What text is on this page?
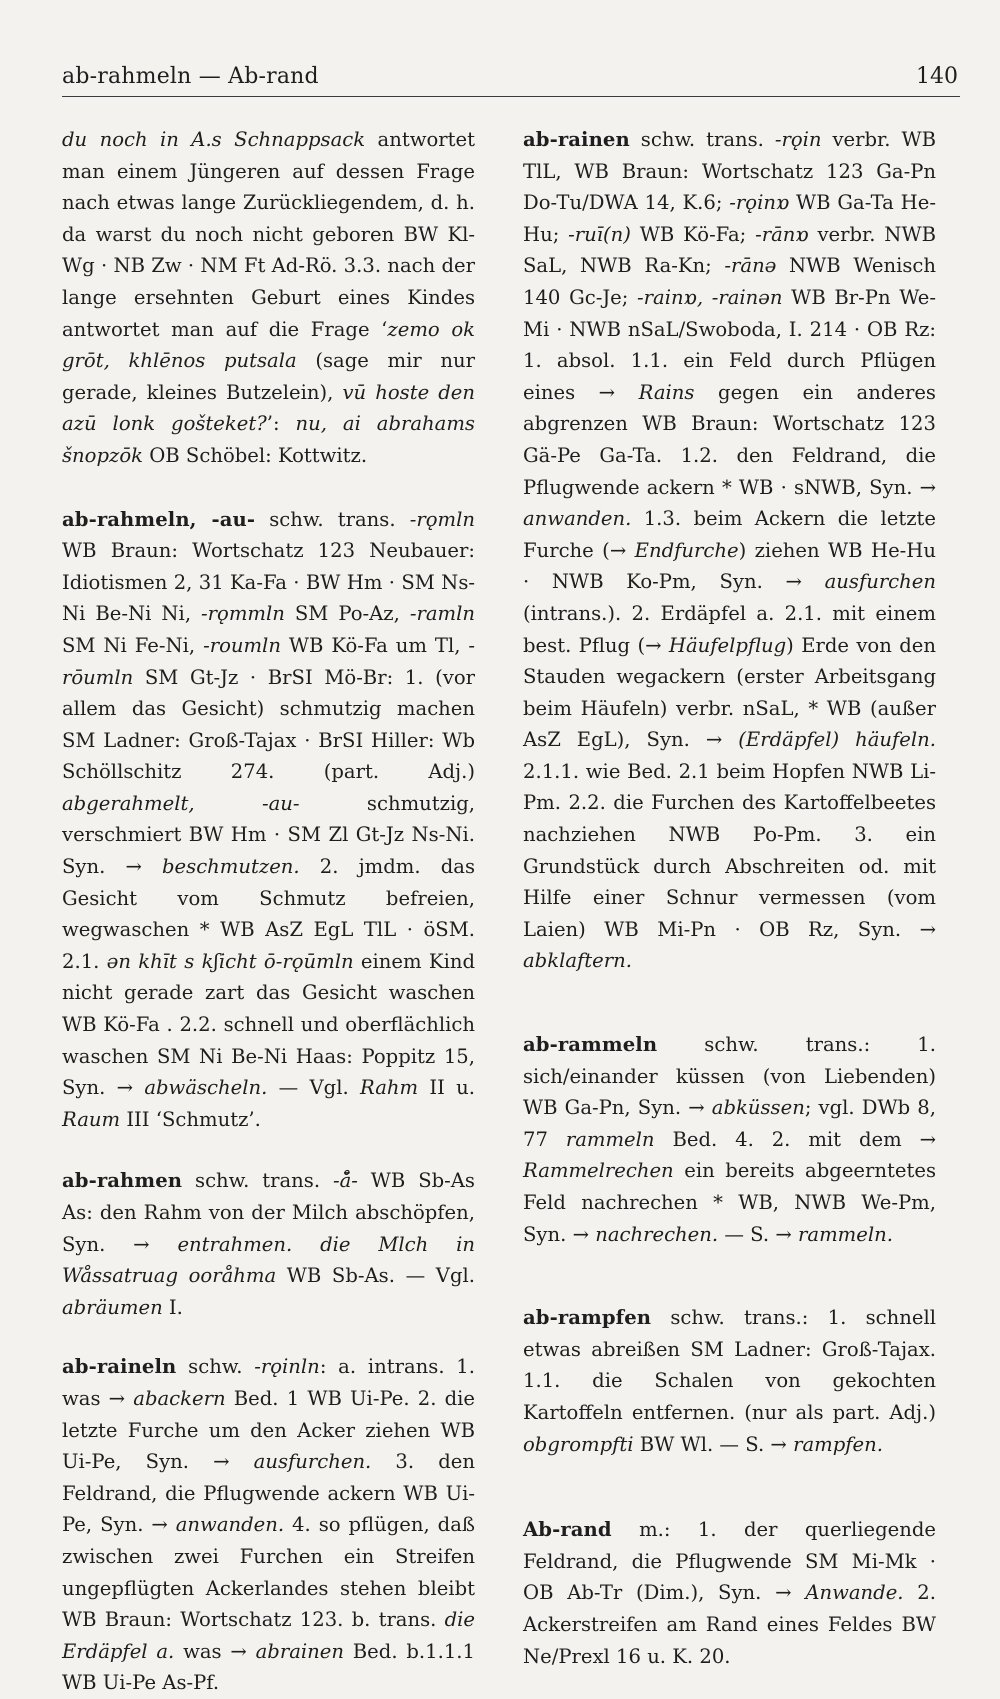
ab-rahmeln — Ab-rand	140

du noch in A.s Schnappsack antwortet man einem Jüngeren auf dessen Frage nach etwas lange Zurückliegendem, d. h. da warst du noch nicht geboren BW Kl-Wg · NB Zw · NM Ft Ad-Rö. 3.3. nach der lange ersehnten Geburt eines Kindes antwortet man auf die Frage ‘zemo ok grōt, khlēnos putsala (sage mir nur gerade, kleines Butzelein), vū hoste den azū lonk gošteket?’: nu, ai abrahams šnopzōk OB Schöbel: Kottwitz.

ab-rahmeln, -au- schw. trans. -rǫmln WB Braun: Wortschatz 123 Neubauer: Idiotismen 2, 31 Ka-Fa · BW Hm · SM Ns-Ni Be-Ni Ni, -rǫmmln SM Po-Az, -ramln SM Ni Fe-Ni, -roumln WB Kö-Fa um Tl, -rōumln SM Gt-Jz · BrSI Mö-Br: 1. (vor allem das Gesicht) schmutzig machen SM Ladner: Groß-Tajax · BrSI Hiller: Wb Schöllschitz 274. (part. Adj.) abgerahmelt, -au- schmutzig, verschmiert BW Hm · SM Zl Gt-Jz Ns-Ni. Syn. → beschmutzen. 2. jmdm. das Gesicht vom Schmutz befreien, wegwaschen * WB AsZ EgL TlL · öSM. 2.1. ǝn khīt s kʃicht ō-rǫūmln einem Kind nicht gerade zart das Gesicht waschen WB Kö-Fa . 2.2. schnell und oberflächlich waschen SM Ni Be-Ni Haas: Poppitz 15, Syn. → abwäscheln. — Vgl. Rahm II u. Raum III ‘Schmutz’.

ab-rahmen schw. trans. -å̄- WB Sb-As As: den Rahm von der Milch abschöpfen, Syn. → entrahmen. die Mlch in Wåssatruag ooråhma WB Sb-As. — Vgl. abräumen I.

ab-raineln schw. -rǫinln: a. intrans. 1. was → abackern Bed. 1 WB Ui-Pe. 2. die letzte Furche um den Acker ziehen WB Ui-Pe, Syn. → ausfurchen. 3. den Feldrand, die Pflugwende ackern WB Ui-Pe, Syn. → anwanden. 4. so pflügen, daß zwischen zwei Furchen ein Streifen ungepflügten Ackerlandes stehen bleibt WB Braun: Wortschatz 123. b. trans. die Erdäpfel a. was → abrainen Bed. b.1.1.1 WB Ui-Pe As-Pf.

ab-rainen schw. trans. -rǫin verbr. WB TlL, WB Braun: Wortschatz 123 Ga-Pn Do-Tu/DWA 14, K.6; -rǫinɒ WB Ga-Ta He-Hu; -ruī(n) WB Kö-Fa; -rānɒ verbr. NWB SaL, NWB Ra-Kn; -rānǝ NWB Wenisch 140 Gc-Je; -rainɒ, -rainǝn WB Br-Pn We-Mi · NWB nSaL/Swoboda, I. 214 · OB Rz: 1. absol. 1.1. ein Feld durch Pflügen eines → Rains gegen ein anderes abgrenzen WB Braun: Wortschatz 123 Gä-Pe Ga-Ta. 1.2. den Feldrand, die Pflugwende ackern * WB · sNWB, Syn. → anwanden. 1.3. beim Ackern die letzte Furche (→ Endfurche) ziehen WB He-Hu · NWB Ko-Pm, Syn. → ausfurchen (intrans.). 2. Erdäpfel a. 2.1. mit einem best. Pflug (→ Häufelpflug) Erde von den Stauden wegackern (erster Arbeitsgang beim Häufeln) verbr. nSaL, * WB (außer AsZ EgL), Syn. → (Erdäpfel) häufeln. 2.1.1. wie Bed. 2.1 beim Hopfen NWB Li-Pm. 2.2. die Furchen des Kartoffelbeetes nachziehen NWB Po-Pm. 3. ein Grundstück durch Abschreiten od. mit Hilfe einer Schnur vermessen (vom Laien) WB Mi-Pn · OB Rz, Syn. → abklaftern.

ab-rammeln schw. trans.: 1. sich/einander küssen (von Liebenden) WB Ga-Pn, Syn. → abküssen; vgl. DWb 8, 77 rammeln Bed. 4. 2. mit dem → Rammelrechen ein bereits abgeerntetes Feld nachrechen * WB, NWB We-Pm, Syn. → nachrechen. — S. → rammeln.

ab-rampfen schw. trans.: 1. schnell etwas abreißen SM Ladner: Groß-Tajax. 1.1. die Schalen von gekochten Kartoffeln entfernen. (nur als part. Adj.) obgrompfti BW Wl. — S. → rampfen.

Ab-rand m.: 1. der querliegende Feldrand, die Pflugwende SM Mi-Mk · OB Ab-Tr (Dim.), Syn. → Anwande. 2. Ackerstreifen am Rand eines Feldes BW Ne/Prexl 16 u. K. 20.
